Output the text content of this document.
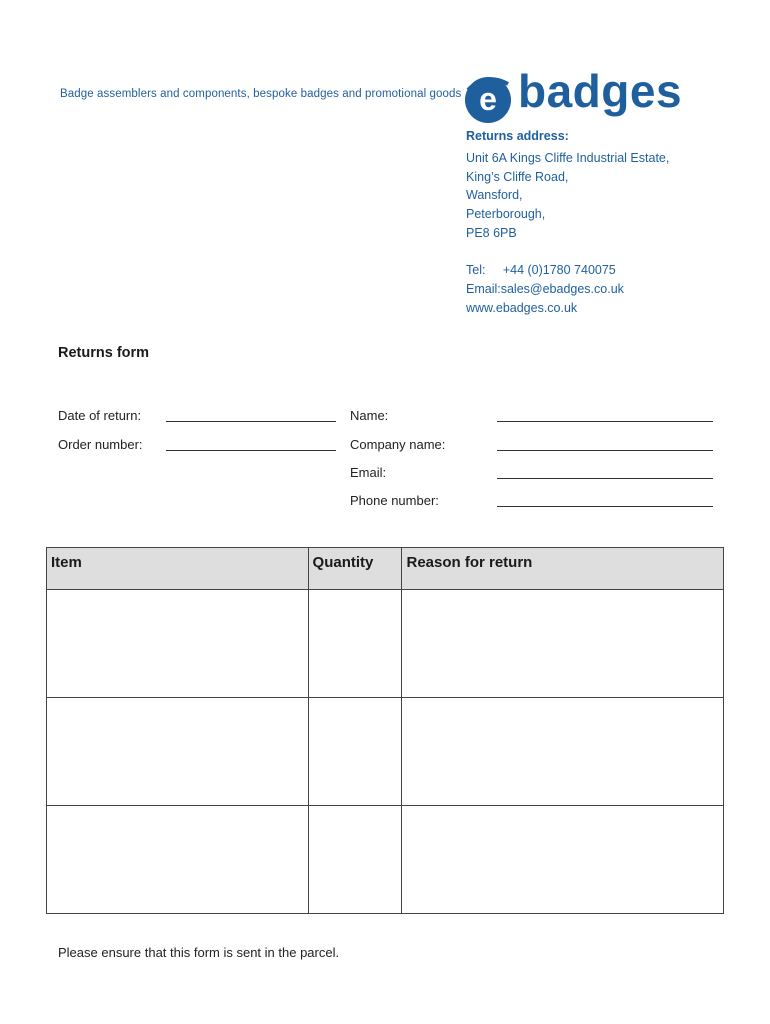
Badge assemblers and components, bespoke badges and promotional goods e badges
Returns address:
Unit 6A Kings Cliffe Industrial Estate,
King’s Cliffe Road,
Wansford,
Peterborough,
PE8 6PB
Tel:     +44 (0)1780 740075
Email:sales@ebadges.co.uk
www.ebadges.co.uk
Returns form
Date of return:
Order number:
Name:
Company name:
Email:
Phone number:
Item	Quantity	Reason for return

Please ensure that this form is sent in the parcel.
